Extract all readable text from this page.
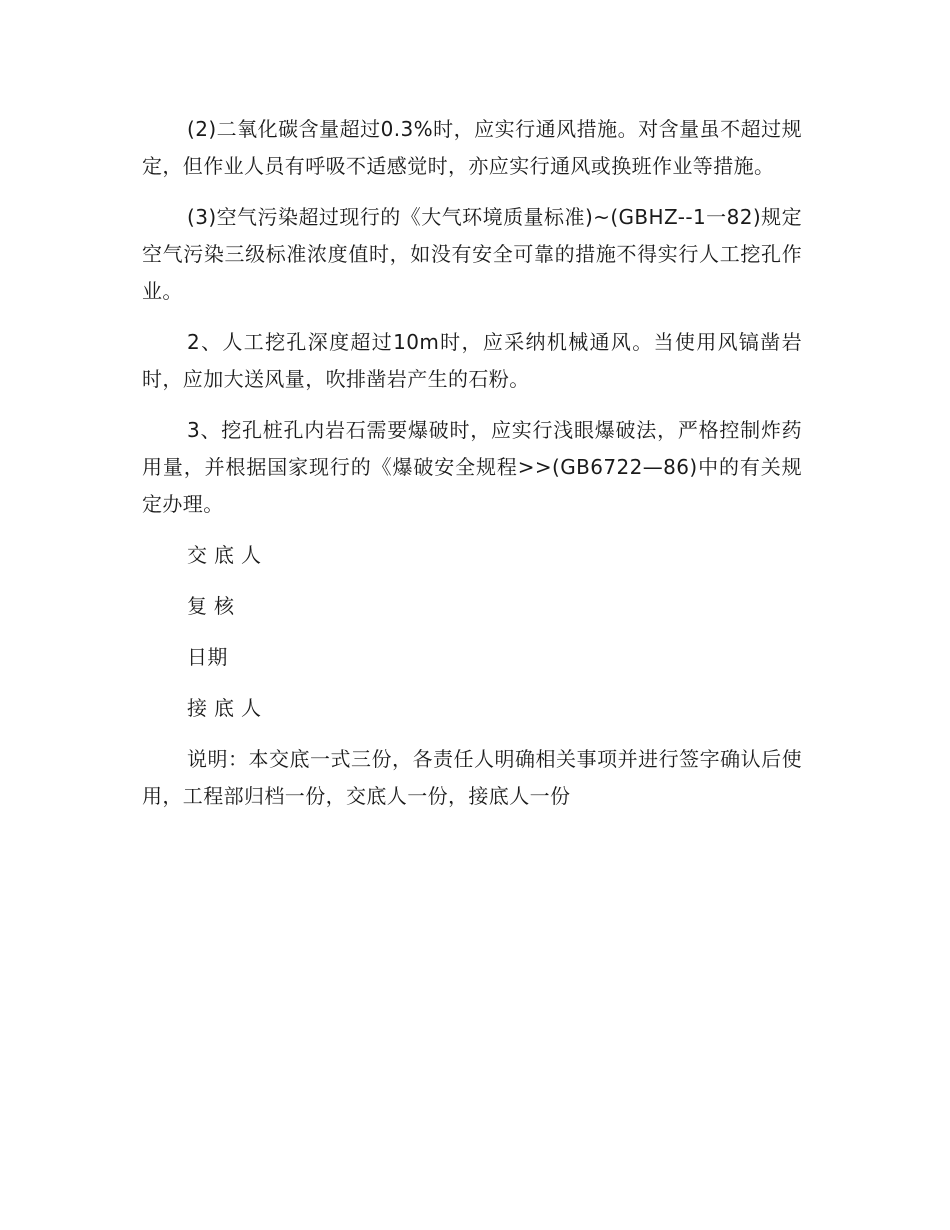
(2)二氧化碳含量超过0.3%时，应实行通风措施。对含量虽不超过规定，但作业人员有呼吸不适感觉时，亦应实行通风或换班作业等措施。

(3)空气污染超过现行的《大气环境质量标准)~(GBHZ--1一82)规定空气污染三级标准浓度值时，如没有安全可靠的措施不得实行人工挖孔作业。

2、人工挖孔深度超过10m时，应采纳机械通风。当使用风镐凿岩时，应加大送风量，吹排凿岩产生的石粉。

3、挖孔桩孔内岩石需要爆破时，应实行浅眼爆破法，严格控制炸药用量，并根据国家现行的《爆破安全规程>>(GB6722—86)中的有关规定办理。

交底人

复核

日期

接底人

说明：本交底一式三份，各责任人明确相关事项并进行签字确认后使用，工程部归档一份，交底人一份，接底人一份
